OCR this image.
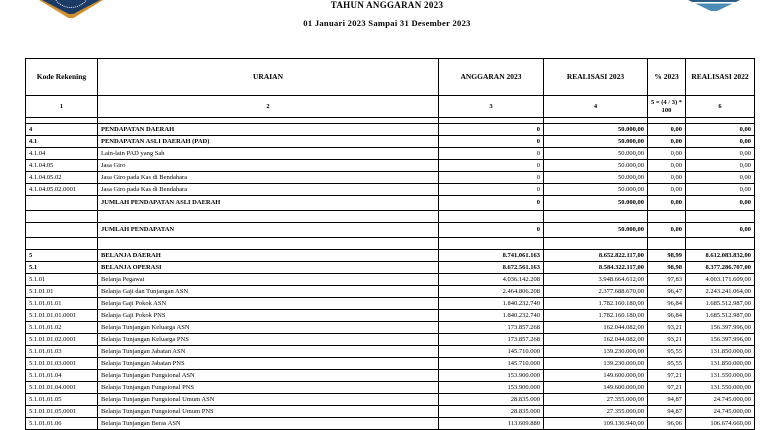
TAHUN ANGGARAN 2023
01 Januari 2023 Sampai 31 Desember 2023
Kode Rekening	URAIAN	ANGGARAN 2023	REALISASI 2023	% 2023	REALISASI 2022
1	2	3	4	5 = (4 / 3) * 100	6

4	PENDAPATAN DAERAH	0	50.000,00	0,00	0,00
4.1	PENDAPATAN ASLI DAERAH (PAD)	0	50.000,00	0,00	0,00
4.1.04	Lain-lain PAD yang Sah	0	50.000,00	0,00	0,00
4.1.04.05	Jasa Giro	0	50.000,00	0,00	0,00
4.1.04.05.02	Jasa Giro pada Kas di Bendahara	0	50.000,00	0,00	0,00
4.1.04.05.02.0001	Jasa Giro pada Kas di Bendahara	0	50.000,00	0,00	0,00
	JUMLAH PENDAPATAN ASLI DAERAH	0	50.000,00	0,00	0,00

	JUMLAH PENDAPATAN	0	50.000,00	0,00	0,00

5	BELANJA DAERAH	8.741.061.163	8.652.822.117,00	98,99	8.612.083.832,00
5.1	BELANJA OPERASI	8.672.561.163	8.584.322.117,00	98,98	8.377.286.707,00
5.1.01	Belanja Pegawai	4.036.142.208	3.948.664.612,00	97,83	4.003.171.609,00
5.1.01.01	Belanja Gaji dan Tunjangan ASN	2.464.806.208	2.377.688.670,00	96,47	2.243.241.064,00
5.1.01.01.01	Belanja Gaji Pokok ASN	1.840.232.740	1.782.160.180,00	96,84	1.685.512.987,00
5.1.01.01.01.0001	Belanja Gaji Pokok PNS	1.840.232.740	1.782.160.180,00	96,84	1.685.512.987,00
5.1.01.01.02	Belanja Tunjangan Keluarga ASN	173.857.268	162.044.082,00	93,21	156.397.996,00
5.1.01.01.02.0001	Belanja Tunjangan Keluarga PNS	173.857.268	162.044.082,00	93,21	156.397.996,00
5.1.01.01.03	Belanja Tunjangan Jabatan ASN	145.710.000	139.230.000,00	95,55	131.850.000,00
5.1.01.01.03.0001	Belanja Tunjangan Jabatan PNS	145.710.000	139.230.000,00	95,55	131.850.000,00
5.1.01.01.04	Belanja Tunjangan Fungsional ASN	153.900.000	149.600.000,00	97,21	131.550.000,00
5.1.01.01.04.0001	Belanja Tunjangan Fungsional PNS	153.900.000	149.600.000,00	97,21	131.550.000,00
5.1.01.01.05	Belanja Tunjangan Fungsional Umum ASN	28.835.000	27.355.000,00	94,87	24.745.000,00
5.1.01.01.05.0001	Belanja Tunjangan Fungsional Umum PNS	28.835.000	27.355.000,00	94,87	24.745.000,00
5.1.01.01.06	Belanja Tunjangan Beras ASN	113.609.880	109.136.940,00	96,06	106.674.660,00
